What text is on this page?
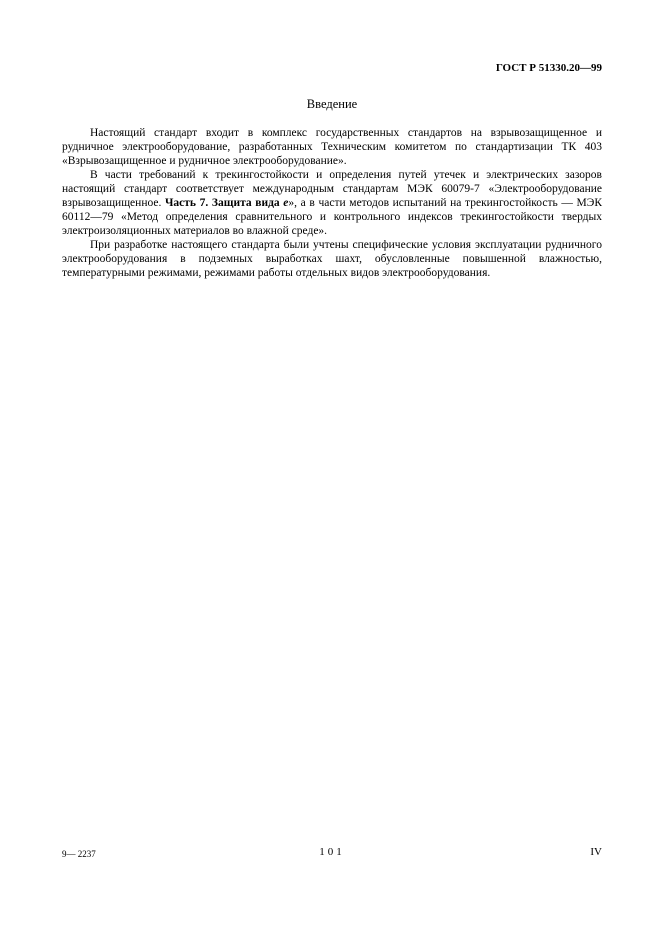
ГОСТ Р 51330.20—99
Введение

Настоящий стандарт входит в комплекс государственных стандартов на взрывозащищенное и рудничное электрооборудование, разработанных Техническим комитетом по стандартизации ТК 403 «Взрывозащищенное и рудничное электрооборудование».

В части требований к трекингостойкости и определения путей утечек и электрических зазоров настоящий стандарт соответствует международным стандартам МЭК 60079-7 «Электрооборудование взрывозащищенное. Часть 7. Защита вида е», а в части методов испытаний на трекингостойкость — МЭК 60112—79 «Метод определения сравнительного и контрольного индексов трекингостойкости твердых электроизоляционных материалов во влажной среде».

При разработке настоящего стандарта были учтены специфические условия эксплуатации рудничного электрооборудования в подземных выработках шахт, обусловленные повышенной влажностью, температурными режимами, режимами работы отдельных видов электрооборудования.

9— 2237	101	IV
